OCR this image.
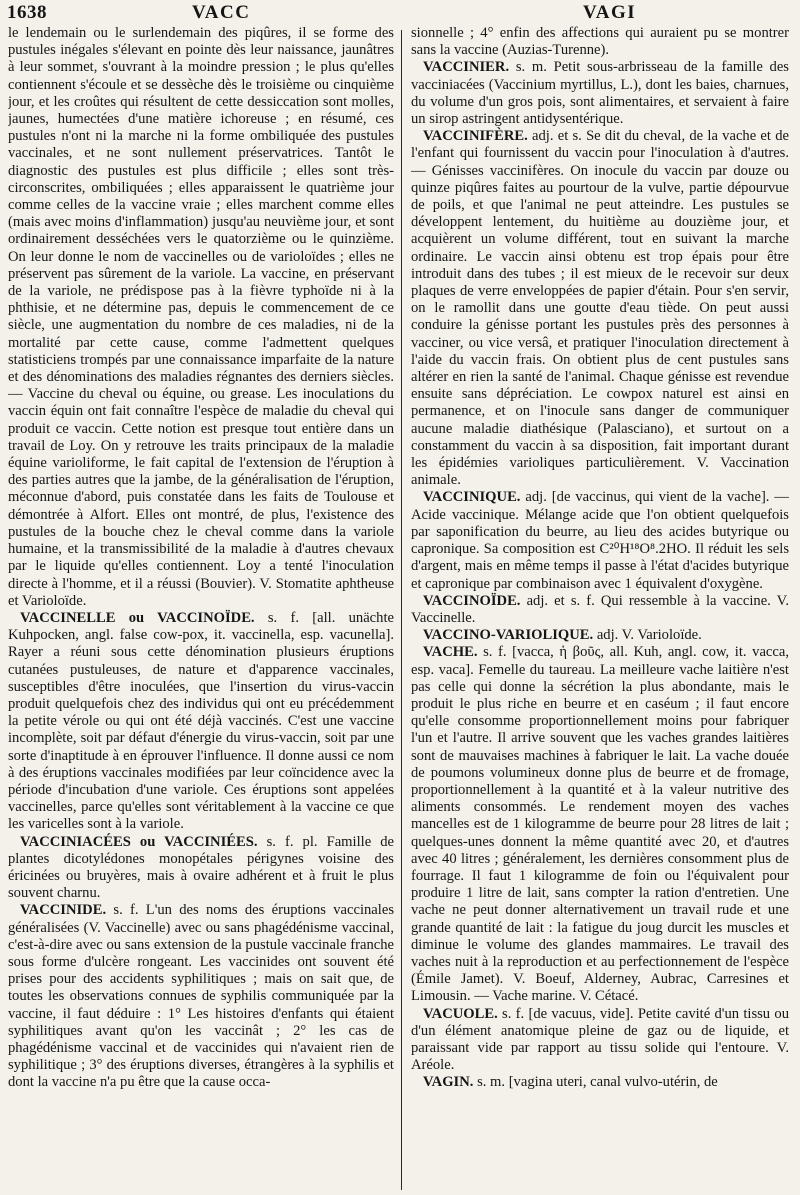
1638	VACC	VAGI

le lendemain ou le surlendemain des piqûres, il se forme des pustules inégales s'élevant en pointe dès leur naissance, jaunâtres à leur sommet, s'ouvrant à la moindre pression ; le plus qu'elles contiennent s'écoule et se dessèche dès le troisième ou cinquième jour, et les croûtes qui résultent de cette dessiccation sont molles, jaunes, humectées d'une matière ichoreuse ; en résumé, ces pustules n'ont ni la marche ni la forme ombiliquée des pustules vaccinales, et ne sont nullement préservatrices. Tantôt le diagnostic des pustules est plus difficile ; elles sont très-circonscrites, ombiliquées ; elles apparaissent le quatrième jour comme celles de la vaccine vraie ; elles marchent comme elles (mais avec moins d'inflammation) jusqu'au neuvième jour, et sont ordinairement desséchées vers le quatorzième ou le quinzième. On leur donne le nom de vaccinelles ou de varioloïdes ; elles ne préservent pas sûrement de la variole. La vaccine, en préservant de la variole, ne prédispose pas à la fièvre typhoïde ni à la phthisie, et ne détermine pas, depuis le commencement de ce siècle, une augmentation du nombre de ces maladies, ni de la mortalité par cette cause, comme l'admettent quelques statisticiens trompés par une connaissance imparfaite de la nature et des dénominations des maladies régnantes des derniers siècles. — Vaccine du cheval ou équine, ou grease. Les inoculations du vaccin équin ont fait connaître l'espèce de maladie du cheval qui produit ce vaccin. Cette notion est presque tout entière dans un travail de Loy. On y retrouve les traits principaux de la maladie équine varioliforme, le fait capital de l'extension de l'éruption à des parties autres que la jambe, de la généralisation de l'éruption, méconnue d'abord, puis constatée dans les faits de Toulouse et démontrée à Alfort. Elles ont montré, de plus, l'existence des pustules de la bouche chez le cheval comme dans la variole humaine, et la transmissibilité de la maladie à d'autres chevaux par le liquide qu'elles contiennent. Loy a tenté l'inoculation directe à l'homme, et il a réussi (Bouvier). V. Stomatite aphtheuse et Varioloïde.

VACCINELLE ou VACCINOÏDE. s. f. [all. unächte Kuhpocken, angl. false cow-pox, it. vaccinella, esp. vacunella]. Rayer a réuni sous cette dénomination plusieurs éruptions cutanées pustuleuses, de nature et d'apparence vaccinales, susceptibles d'être inoculées, que l'insertion du virus-vaccin produit quelquefois chez des individus qui ont eu précédemment la petite vérole ou qui ont été déjà vaccinés. C'est une vaccine incomplète, soit par défaut d'énergie du virus-vaccin, soit par une sorte d'inaptitude à en éprouver l'influence. Il donne aussi ce nom à des éruptions vaccinales modifiées par leur coïncidence avec la période d'incubation d'une variole. Ces éruptions sont appelées vaccinelles, parce qu'elles sont véritablement à la vaccine ce que les varicelles sont à la variole.

VACCINIACÉES ou VACCINIÉES. s. f. pl. Famille de plantes dicotylédones monopétales périgynes voisine des éricinées ou bruyères, mais à ovaire adhérent et à fruit le plus souvent charnu.

VACCINIDE. s. f. L'un des noms des éruptions vaccinales généralisées (V. Vaccinelle) avec ou sans phagédénisme vaccinal, c'est-à-dire avec ou sans extension de la pustule vaccinale franche sous forme d'ulcère rongeant. Les vaccinides ont souvent été prises pour des accidents syphilitiques ; mais on sait que, de toutes les observations connues de syphilis communiquée par la vaccine, il faut déduire : 1° Les histoires d'enfants qui étaient syphilitiques avant qu'on les vaccinât ; 2° les cas de phagédénisme vaccinal et de vaccinides qui n'avaient rien de syphilitique ; 3° des éruptions diverses, étrangères à la syphilis et dont la vaccine n'a pu être que la cause occa-

sionnelle ; 4° enfin des affections qui auraient pu se montrer sans la vaccine (Auzias-Turenne).

VACCINIER. s. m. Petit sous-arbrisseau de la famille des vacciniacées (Vaccinium myrtillus, L.), dont les baies, charnues, du volume d'un gros pois, sont alimentaires, et servaient à faire un sirop astringent antidysentérique.

VACCINIFÈRE. adj. et s. Se dit du cheval, de la vache et de l'enfant qui fournissent du vaccin pour l'inoculation à d'autres. — Génisses vaccinifères. On inocule du vaccin par douze ou quinze piqûres faites au pourtour de la vulve, partie dépourvue de poils, et que l'animal ne peut atteindre. Les pustules se développent lentement, du huitième au douzième jour, et acquièrent un volume différent, tout en suivant la marche ordinaire. Le vaccin ainsi obtenu est trop épais pour être introduit dans des tubes ; il est mieux de le recevoir sur deux plaques de verre enveloppées de papier d'étain. Pour s'en servir, on le ramollit dans une goutte d'eau tiède. On peut aussi conduire la génisse portant les pustules près des personnes à vacciner, ou vice versâ, et pratiquer l'inoculation directement à l'aide du vaccin frais. On obtient plus de cent pustules sans altérer en rien la santé de l'animal. Chaque génisse est revendue ensuite sans dépréciation. Le cowpox naturel est ainsi en permanence, et on l'inocule sans danger de communiquer aucune maladie diathésique (Palasciano), et surtout on a constamment du vaccin à sa disposition, fait important durant les épidémies varioliques particulièrement. V. Vaccination animale.

VACCINIQUE. adj. [de vaccinus, qui vient de la vache]. — Acide vaccinique. Mélange acide que l'on obtient quelquefois par saponification du beurre, au lieu des acides butyrique ou capronique. Sa composition est C²⁰H¹⁸O⁸.2HO. Il réduit les sels d'argent, mais en même temps il passe à l'état d'acides butyrique et capronique par combinaison avec 1 équivalent d'oxygène.

VACCINOÏDE. adj. et s. f. Qui ressemble à la vaccine. V. Vaccinelle.

VACCINO-VARIOLIQUE. adj. V. Varioloïde.

VACHE. s. f. [vacca, ἡ βοῦς, all. Kuh, angl. cow, it. vacca, esp. vaca]. Femelle du taureau. La meilleure vache laitière n'est pas celle qui donne la sécrétion la plus abondante, mais le produit le plus riche en beurre et en caséum ; il faut encore qu'elle consomme proportionnellement moins pour fabriquer l'un et l'autre. Il arrive souvent que les vaches grandes laitières sont de mauvaises machines à fabriquer le lait. La vache douée de poumons volumineux donne plus de beurre et de fromage, proportionnellement à la quantité et à la valeur nutritive des aliments consommés. Le rendement moyen des vaches mancelles est de 1 kilogramme de beurre pour 28 litres de lait ; quelques-unes donnent la même quantité avec 20, et d'autres avec 40 litres ; généralement, les dernières consomment plus de fourrage. Il faut 1 kilogramme de foin ou l'équivalent pour produire 1 litre de lait, sans compter la ration d'entretien. Une vache ne peut donner alternativement un travail rude et une grande quantité de lait : la fatigue du joug durcit les muscles et diminue le volume des glandes mammaires. Le travail des vaches nuit à la reproduction et au perfectionnement de l'espèce (Émile Jamet). V. Boeuf, Alderney, Aubrac, Carresines et Limousin. — Vache marine. V. Cétacé.

VACUOLE. s. f. [de vacuus, vide]. Petite cavité d'un tissu ou d'un élément anatomique pleine de gaz ou de liquide, et paraissant vide par rapport au tissu solide qui l'entoure. V. Aréole.

VAGIN. s. m. [vagina uteri, canal vulvo-utérin, de
